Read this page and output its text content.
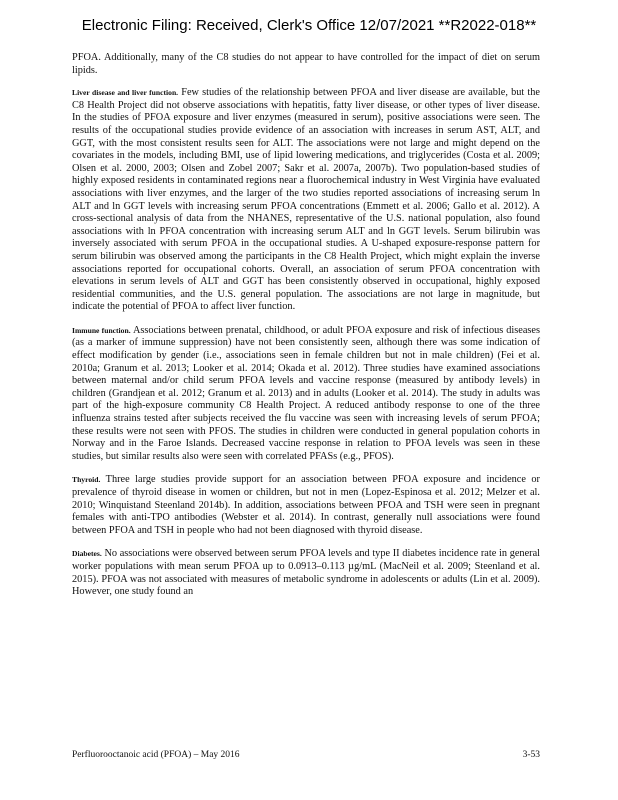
Electronic Filing: Received, Clerk's Office 12/07/2021 **R2022-018**

PFOA. Additionally, many of the C8 studies do not appear to have controlled for the impact of diet on serum lipids.

Liver disease and liver function. Few studies of the relationship between PFOA and liver disease are available, but the C8 Health Project did not observe associations with hepatitis, fatty liver disease, or other types of liver disease. In the studies of PFOA exposure and liver enzymes (measured in serum), positive associations were seen. The results of the occupational studies provide evidence of an association with increases in serum AST, ALT, and GGT, with the most consistent results seen for ALT. The associations were not large and might depend on the covariates in the models, including BMI, use of lipid lowering medications, and triglycerides (Costa et al. 2009; Olsen et al. 2000, 2003; Olsen and Zobel 2007; Sakr et al. 2007a, 2007b). Two population-based studies of highly exposed residents in contaminated regions near a fluorochemical industry in West Virginia have evaluated associations with liver enzymes, and the larger of the two studies reported associations of increasing serum ln ALT and ln GGT levels with increasing serum PFOA concentrations (Emmett et al. 2006; Gallo et al. 2012). A cross-sectional analysis of data from the NHANES, representative of the U.S. national population, also found associations with ln PFOA concentration with increasing serum ALT and ln GGT levels. Serum bilirubin was inversely associated with serum PFOA in the occupational studies. A U-shaped exposure-response pattern for serum bilirubin was observed among the participants in the C8 Health Project, which might explain the inverse associations reported for occupational cohorts. Overall, an association of serum PFOA concentration with elevations in serum levels of ALT and GGT has been consistently observed in occupational, highly exposed residential communities, and the U.S. general population. The associations are not large in magnitude, but indicate the potential of PFOA to affect liver function.

Immune function. Associations between prenatal, childhood, or adult PFOA exposure and risk of infectious diseases (as a marker of immune suppression) have not been consistently seen, although there was some indication of effect modification by gender (i.e., associations seen in female children but not in male children) (Fei et al. 2010a; Granum et al. 2013; Looker et al. 2014; Okada et al. 2012). Three studies have examined associations between maternal and/or child serum PFOA levels and vaccine response (measured by antibody levels) in children (Grandjean et al. 2012; Granum et al. 2013) and in adults (Looker et al. 2014). The study in adults was part of the high-exposure community C8 Health Project. A reduced antibody response to one of the three influenza strains tested after subjects received the flu vaccine was seen with increasing levels of serum PFOA; these results were not seen with PFOS. The studies in children were conducted in general population cohorts in Norway and in the Faroe Islands. Decreased vaccine response in relation to PFOA levels was seen in these studies, but similar results also were seen with correlated PFASs (e.g., PFOS).

Thyroid. Three large studies provide support for an association between PFOA exposure and incidence or prevalence of thyroid disease in women or children, but not in men (Lopez-Espinosa et al. 2012; Melzer et al. 2010; Winquistand Steenland 2014b). In addition, associations between PFOA and TSH were seen in pregnant females with anti-TPO antibodies (Webster et al. 2014). In contrast, generally null associations were found between PFOA and TSH in people who had not been diagnosed with thyroid disease.

Diabetes. No associations were observed between serum PFOA levels and type II diabetes incidence rate in general worker populations with mean serum PFOA up to 0.0913–0.113 µg/mL (MacNeil et al. 2009; Steenland et al. 2015). PFOA was not associated with measures of metabolic syndrome in adolescents or adults (Lin et al. 2009). However, one study found an

Perfluorooctanoic acid (PFOA) – May 2016	3-53
